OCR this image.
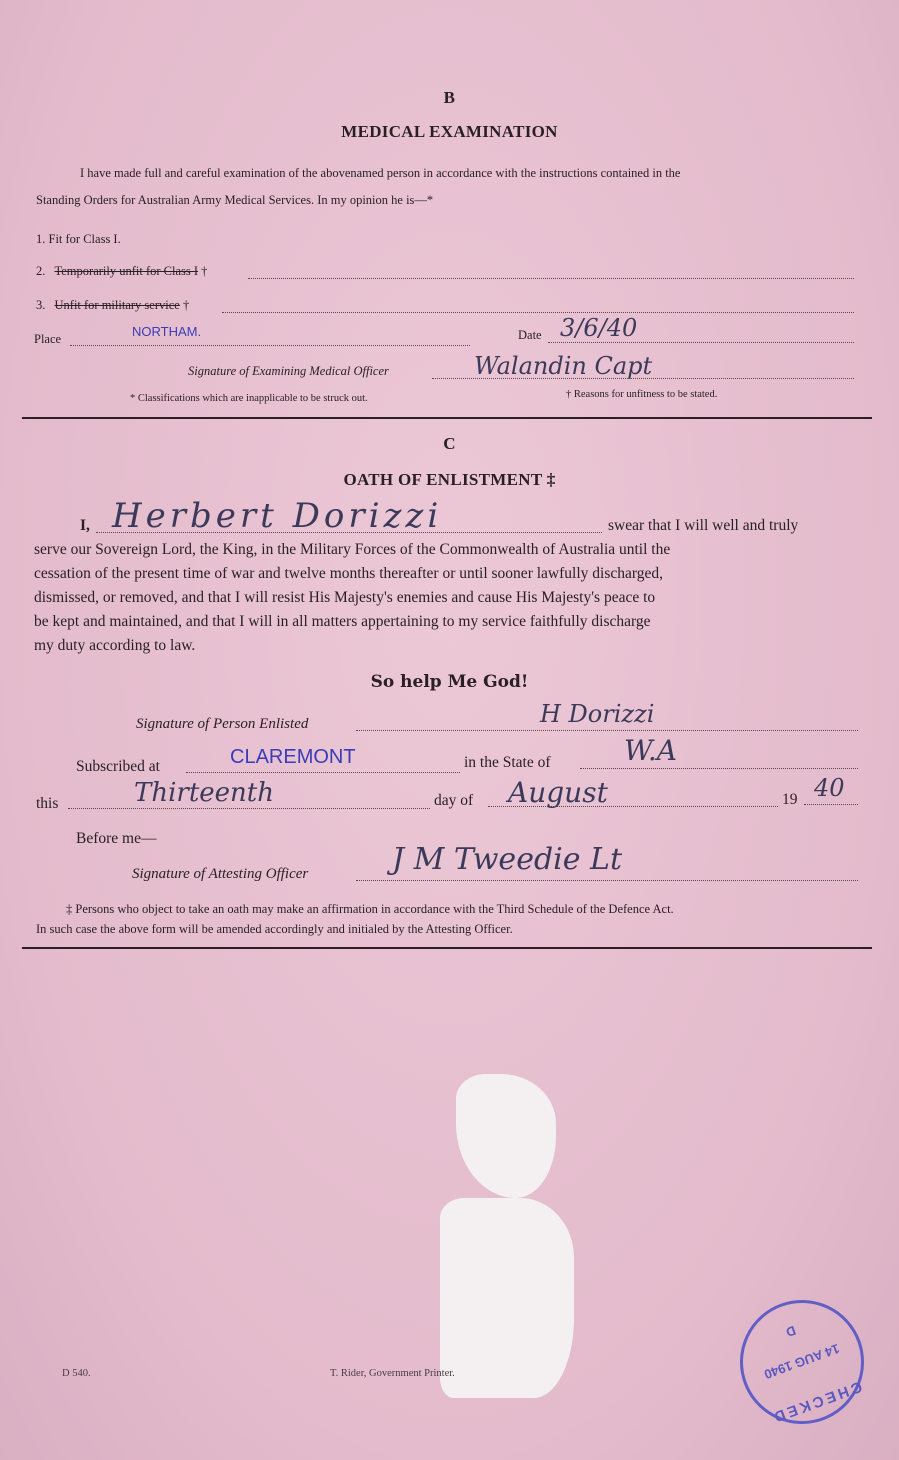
B
MEDICAL EXAMINATION
I have made full and careful examination of the abovenamed person in accordance with the instructions contained in the
Standing Orders for Australian Army Medical Services. In my opinion he is—*
1. Fit for Class I.
2. Temporarily unfit for Class I †
3. Unfit for military service †
Place	NORTHAM.	Date 3/6/40
Signature of Examining Medical Officer	Walandin Capt
* Classifications which are inapplicable to be struck out.	† Reasons for unfitness to be stated.
C
OATH OF ENLISTMENT ‡
I, Herbert Dorizzi	swear that I will well and truly
serve our Sovereign Lord, the King, in the Military Forces of the Commonwealth of Australia until the
cessation of the present time of war and twelve months thereafter or until sooner lawfully discharged,
dismissed, or removed, and that I will resist His Majesty's enemies and cause His Majesty's peace to
be kept and maintained, and that I will in all matters appertaining to my service faithfully discharge
my duty according to law.
So help Me God!
Signature of Person Enlisted	H Dorizzi
Subscribed at	CLAREMONT	in the State of	W.A
this	Thirteenth	day of August	19 40
Before me—
Signature of Attesting Officer	J M Tweedie Lt
‡ Persons who object to take an oath may make an affirmation in accordance with the Third Schedule of the Defence Act.
In such case the above form will be amended accordingly and initialed by the Attesting Officer.
D 540.	T. Rider, Government Printer.
CHECKED
14 AUG 1940
D
